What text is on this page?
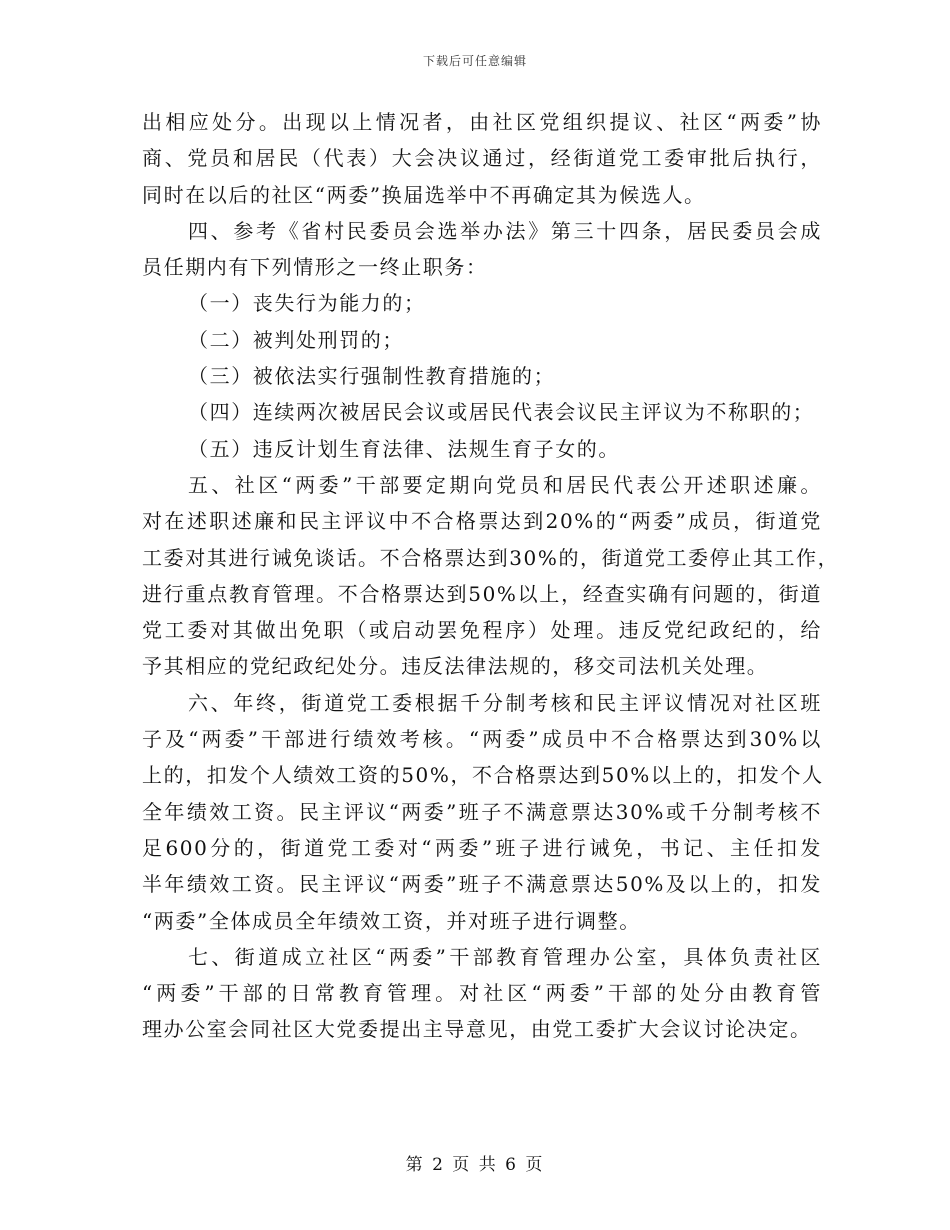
下载后可任意编辑
出相应处分。出现以上情况者，由社区党组织提议、社区“两委”协
商、党员和居民（代表）大会决议通过，经街道党工委审批后执行，
同时在以后的社区“两委”换届选举中不再确定其为候选人。
四、参考《省村民委员会选举办法》第三十四条，居民委员会成
员任期内有下列情形之一终止职务：
（一）丧失行为能力的；
（二）被判处刑罚的；
（三）被依法实行强制性教育措施的；
（四）连续两次被居民会议或居民代表会议民主评议为不称职的；
（五）违反计划生育法律、法规生育子女的。
五、社区“两委”干部要定期向党员和居民代表公开述职述廉。
对在述职述廉和民主评议中不合格票达到20%的“两委”成员，街道党
工委对其进行诫免谈话。不合格票达到30%的，街道党工委停止其工作，
进行重点教育管理。不合格票达到50%以上，经查实确有问题的，街道
党工委对其做出免职（或启动罢免程序）处理。违反党纪政纪的，给
予其相应的党纪政纪处分。违反法律法规的，移交司法机关处理。
六、年终，街道党工委根据千分制考核和民主评议情况对社区班
子及“两委”干部进行绩效考核。“两委”成员中不合格票达到30%以
上的，扣发个人绩效工资的50%，不合格票达到50%以上的，扣发个人
全年绩效工资。民主评议“两委”班子不满意票达30%或千分制考核不
足600分的，街道党工委对“两委”班子进行诫免，书记、主任扣发
半年绩效工资。民主评议“两委”班子不满意票达50%及以上的，扣发
“两委”全体成员全年绩效工资，并对班子进行调整。
七、街道成立社区“两委”干部教育管理办公室，具体负责社区
“两委”干部的日常教育管理。对社区“两委”干部的处分由教育管
理办公室会同社区大党委提出主导意见，由党工委扩大会议讨论决定。
第 2 页 共 6 页
